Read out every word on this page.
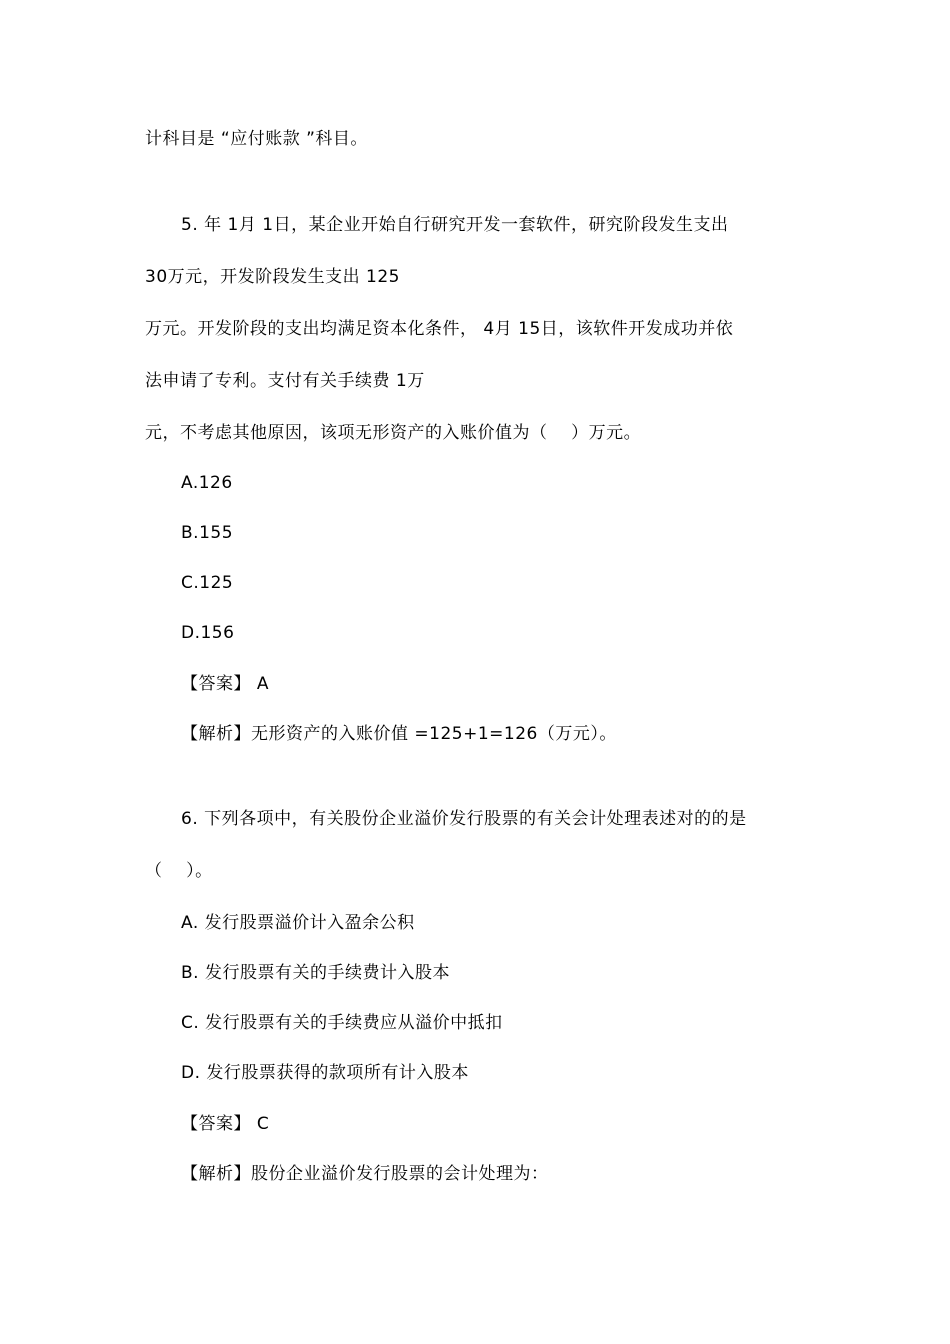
计科目是 “应付账款 ”科目。
5. 年 1月 1日，某企业开始自行研究开发一套软件，研究阶段发生支出
30万元，开发阶段发生支出 125
万元。开发阶段的支出均满足资本化条件， 4月 15日，该软件开发成功并依
法申请了专利。支付有关手续费 1万
元，不考虑其他原因，该项无形资产的入账价值为（    ）万元。
A.126
B.155
C.125
D.156
【答案】 A
【解析】无形资产的入账价值 =125+1=126（万元）。
6. 下列各项中，有关股份企业溢价发行股票的有关会计处理表述对的的是
（    ）。
A. 发行股票溢价计入盈余公积
B. 发行股票有关的手续费计入股本
C. 发行股票有关的手续费应从溢价中抵扣
D. 发行股票获得的款项所有计入股本
【答案】 C
【解析】股份企业溢价发行股票的会计处理为：
